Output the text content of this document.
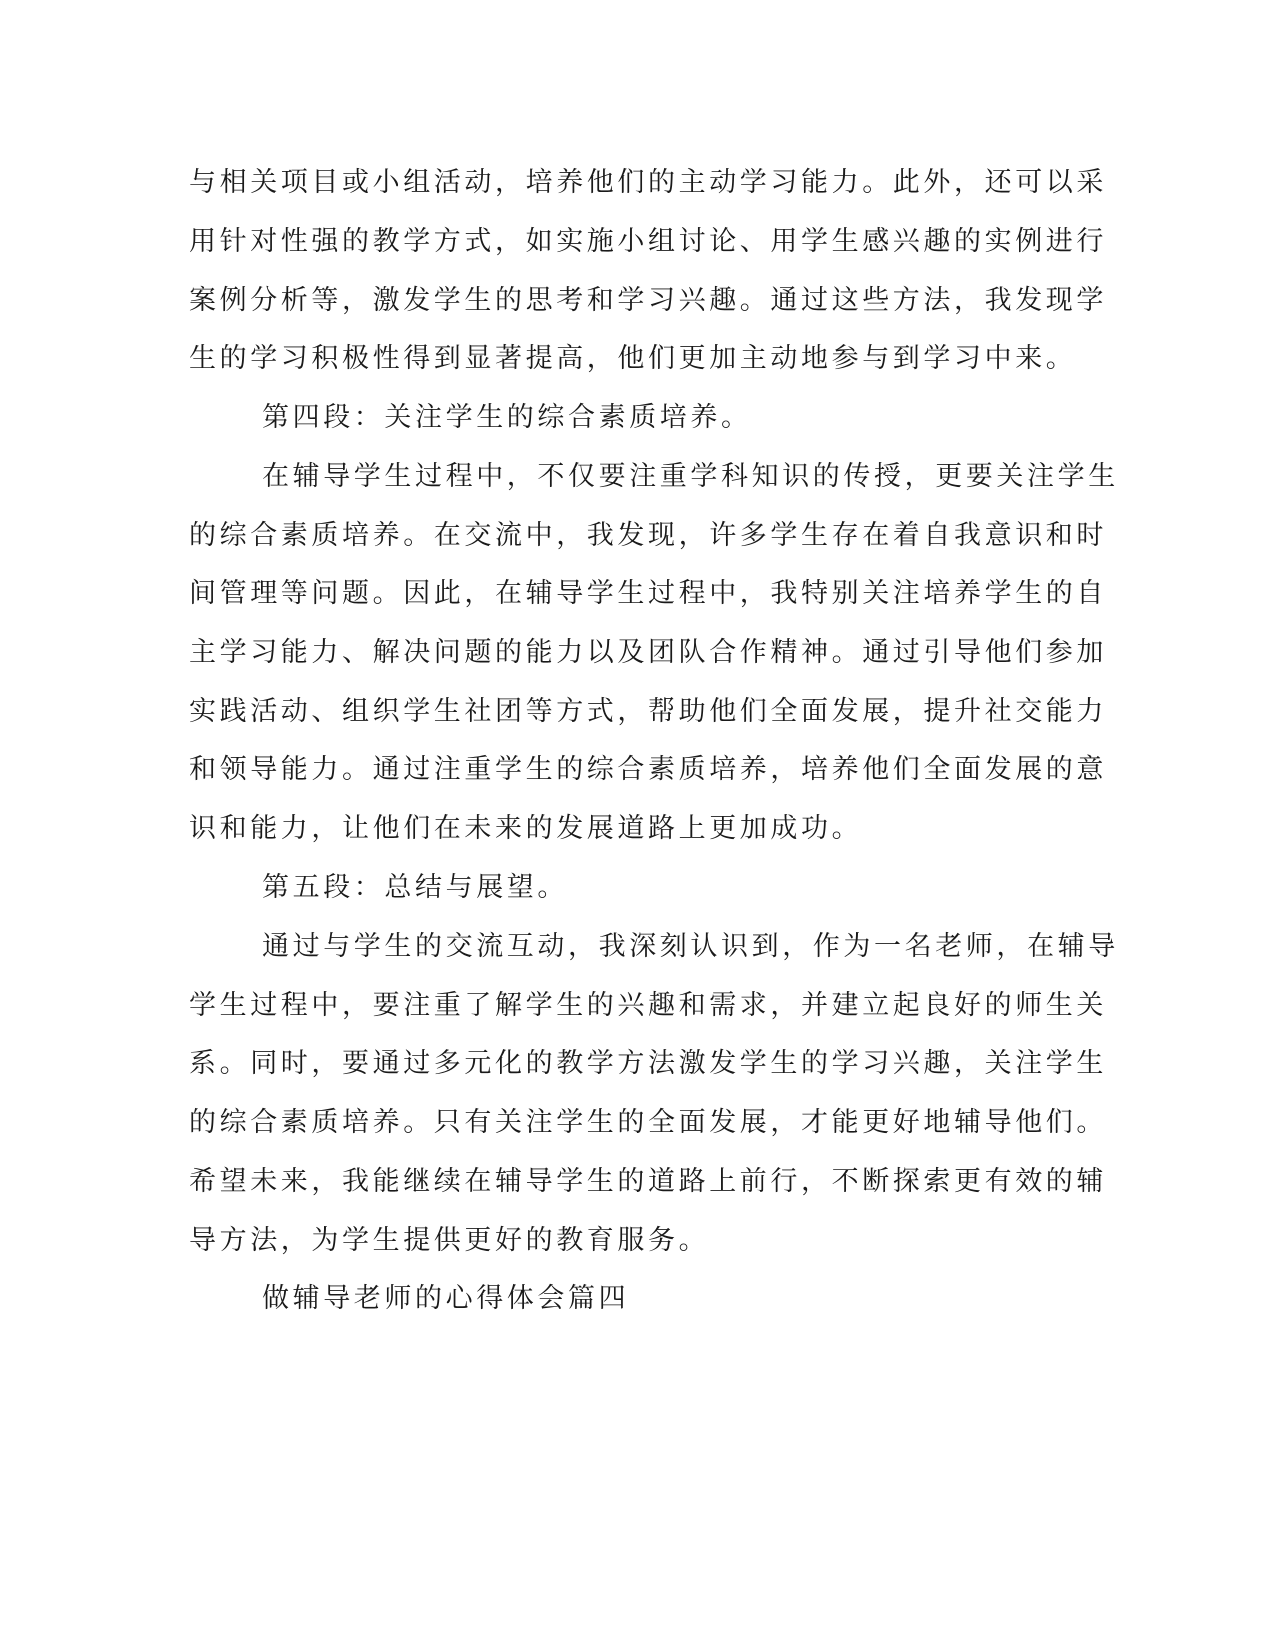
与相关项目或小组活动，培养他们的主动学习能力。此外，还可以采
用针对性强的教学方式，如实施小组讨论、用学生感兴趣的实例进行
案例分析等，激发学生的思考和学习兴趣。通过这些方法，我发现学
生的学习积极性得到显著提高，他们更加主动地参与到学习中来。
第四段：关注学生的综合素质培养。
在辅导学生过程中，不仅要注重学科知识的传授，更要关注学生
的综合素质培养。在交流中，我发现，许多学生存在着自我意识和时
间管理等问题。因此，在辅导学生过程中，我特别关注培养学生的自
主学习能力、解决问题的能力以及团队合作精神。通过引导他们参加
实践活动、组织学生社团等方式，帮助他们全面发展，提升社交能力
和领导能力。通过注重学生的综合素质培养，培养他们全面发展的意
识和能力，让他们在未来的发展道路上更加成功。
第五段：总结与展望。
通过与学生的交流互动，我深刻认识到，作为一名老师，在辅导
学生过程中，要注重了解学生的兴趣和需求，并建立起良好的师生关
系。同时，要通过多元化的教学方法激发学生的学习兴趣，关注学生
的综合素质培养。只有关注学生的全面发展，才能更好地辅导他们。
希望未来，我能继续在辅导学生的道路上前行，不断探索更有效的辅
导方法，为学生提供更好的教育服务。
做辅导老师的心得体会篇四
